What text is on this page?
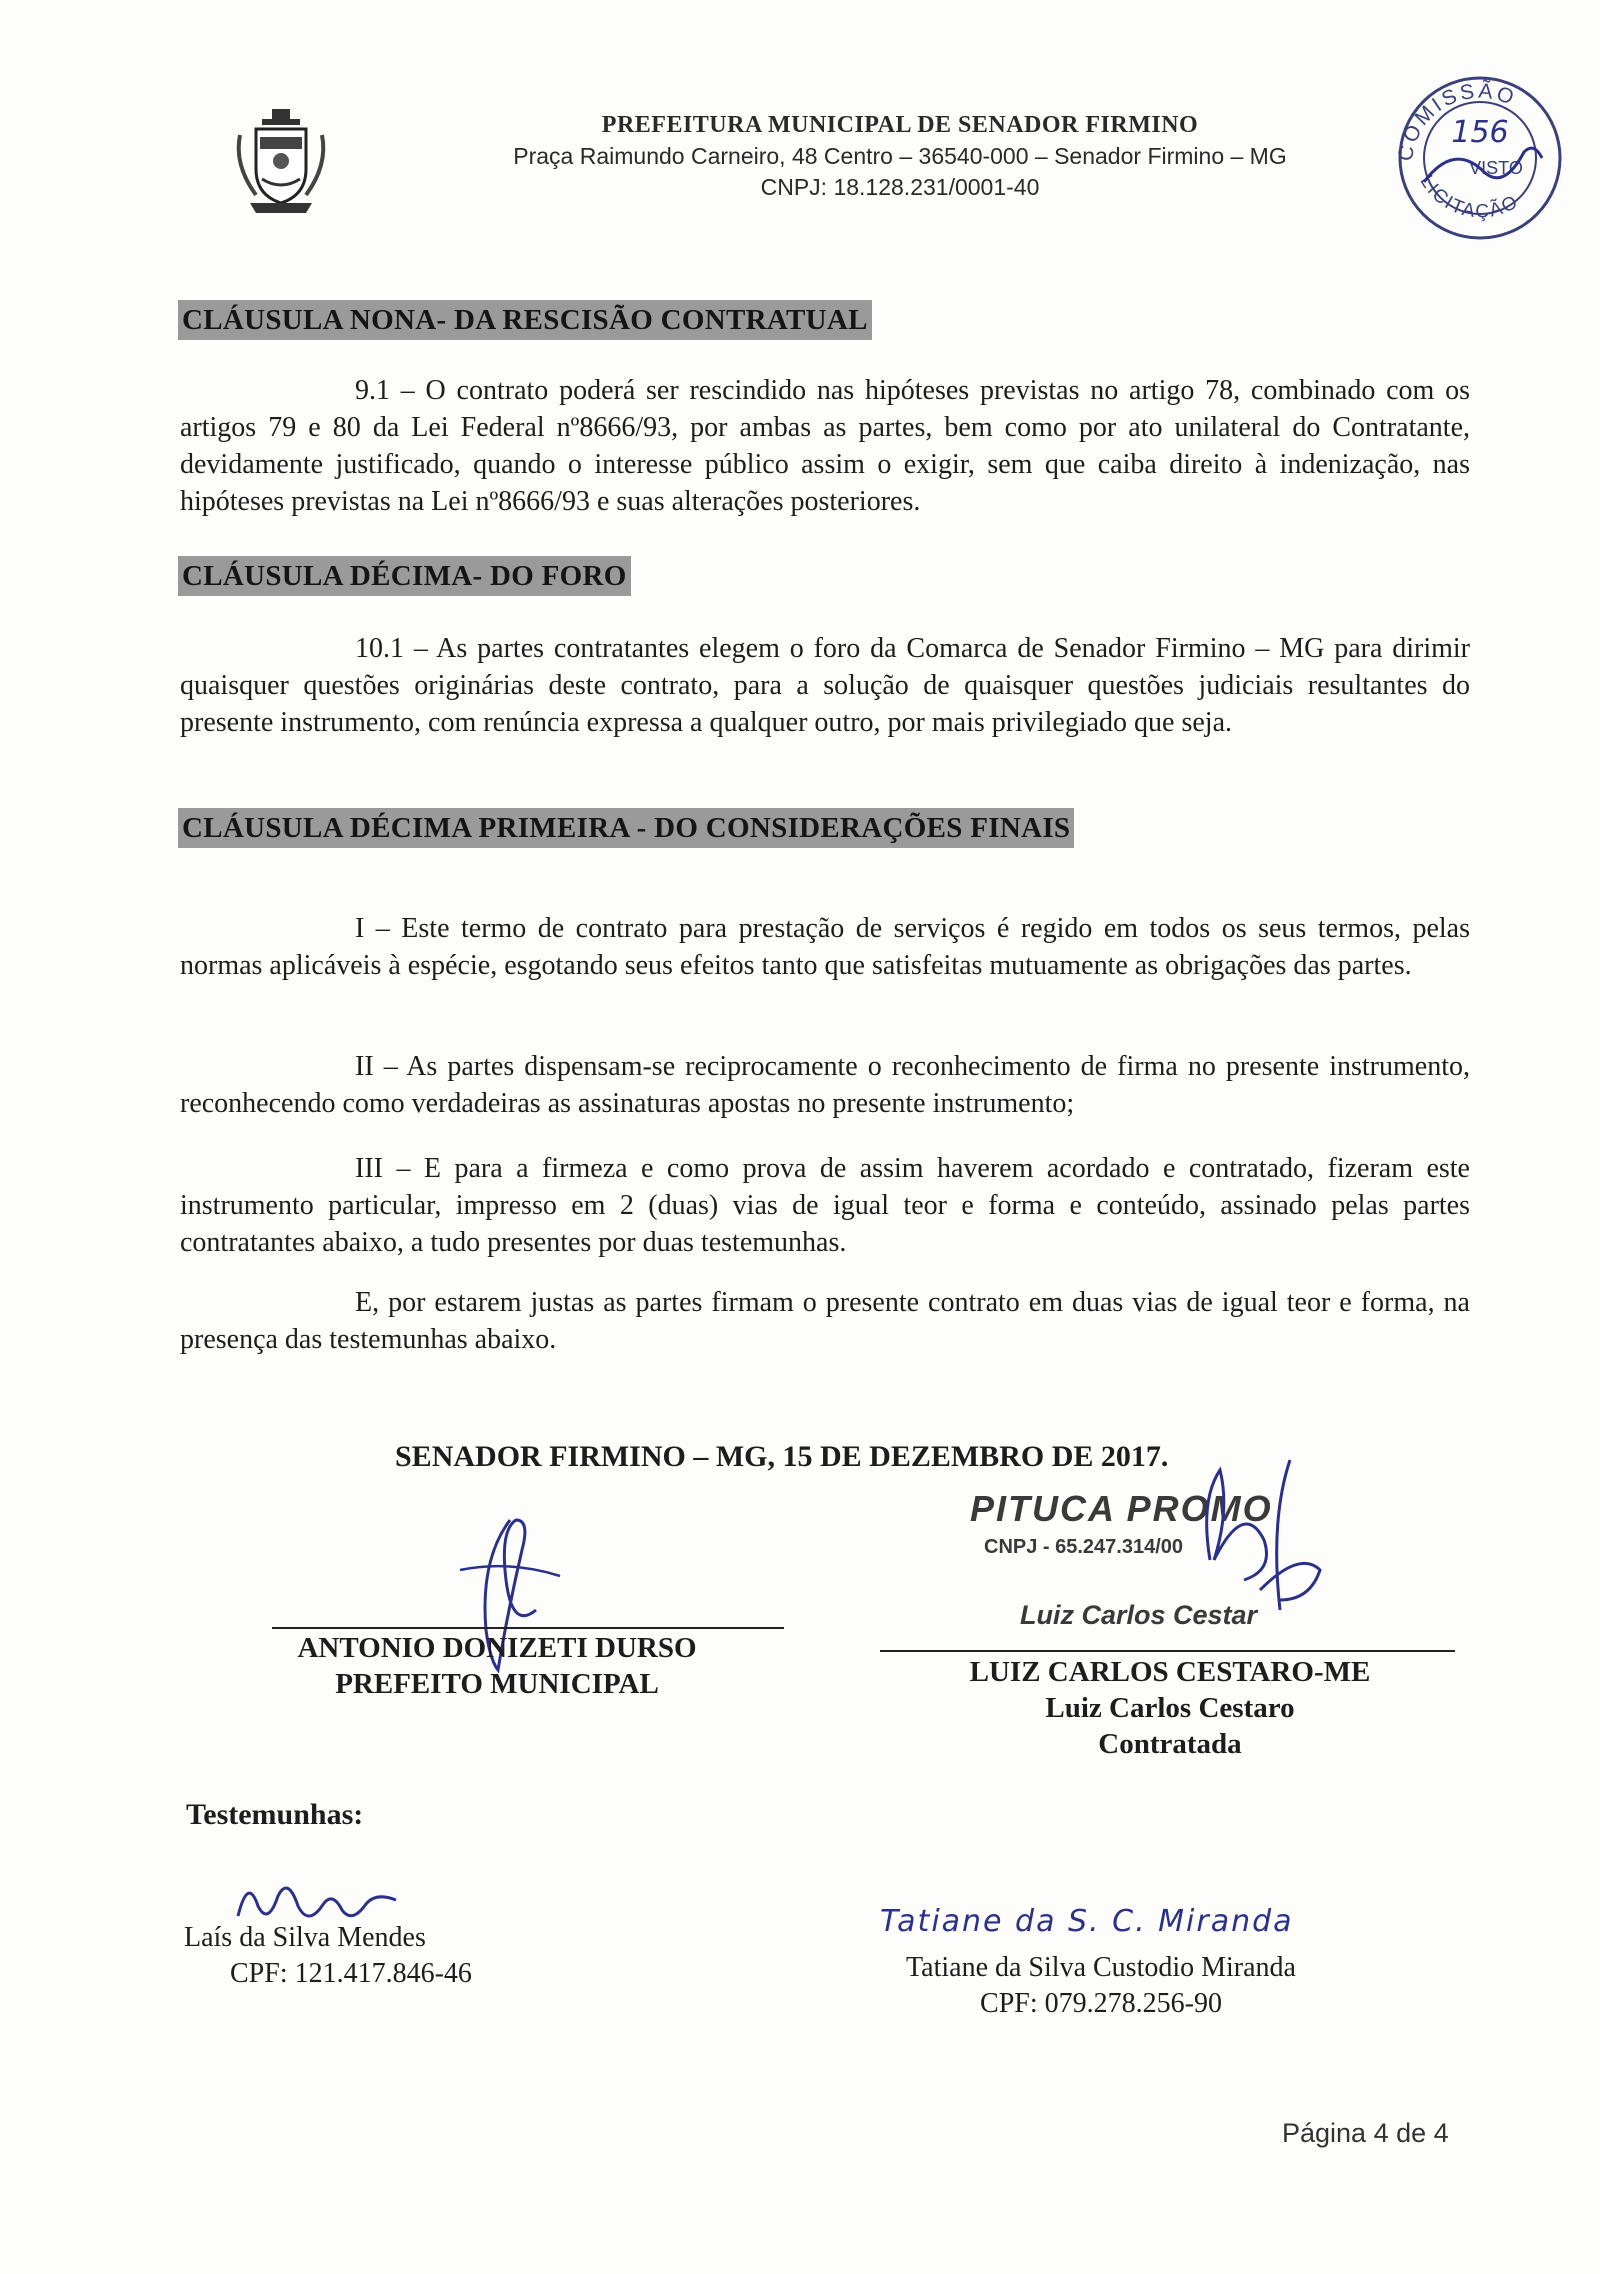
PREFEITURA MUNICIPAL DE SENADOR FIRMINO
Praça Raimundo Carneiro, 48 Centro – 36540-000 – Senador Firmino – MG
CNPJ: 18.128.231/0001-40
COMISSÃO
LICITAÇÃO
156
VISTO
CLÁUSULA NONA- DA RESCISÃO CONTRATUAL
9.1 – O contrato poderá ser rescindido nas hipóteses previstas no artigo 78, combinado com os artigos 79 e 80 da Lei Federal nº8666/93, por ambas as partes, bem como por ato unilateral do Contratante, devidamente justificado, quando o interesse público assim o exigir, sem que caiba direito à indenização, nas hipóteses previstas na Lei nº8666/93 e suas alterações posteriores.
CLÁUSULA DÉCIMA- DO FORO
10.1 – As partes contratantes elegem o foro da Comarca de Senador Firmino – MG para dirimir quaisquer questões originárias deste contrato, para a solução de quaisquer questões judiciais resultantes do presente instrumento, com renúncia expressa a qualquer outro, por mais privilegiado que seja.
CLÁUSULA DÉCIMA PRIMEIRA - DO CONSIDERAÇÕES FINAIS
I – Este termo de contrato para prestação de serviços é regido em todos os seus termos, pelas normas aplicáveis à espécie, esgotando seus efeitos tanto que satisfeitas mutuamente as obrigações das partes.
II – As partes dispensam-se reciprocamente o reconhecimento de firma no presente instrumento, reconhecendo como verdadeiras as assinaturas apostas no presente instrumento;
III – E para a firmeza e como prova de assim haverem acordado e contratado, fizeram este instrumento particular, impresso em 2 (duas) vias de igual teor e forma e conteúdo, assinado pelas partes contratantes abaixo, a tudo presentes por duas testemunhas.
E, por estarem justas as partes firmam o presente contrato em duas vias de igual teor e forma, na presença das testemunhas abaixo.
SENADOR FIRMINO – MG, 15 DE DEZEMBRO DE 2017.
PITUCA PROMO
CNPJ - 65.247.314/00
Luiz Carlos Cestar
ANTONIO DONIZETI DURSO
PREFEITO MUNICIPAL	LUIZ CARLOS CESTARO-ME
Luiz Carlos Cestaro
Contratada
Testemunhas:
Laís da Silva Mendes
CPF: 121.417.846-46
Tatiane da S. C. Miranda
Tatiane da Silva Custodio Miranda
CPF: 079.278.256-90
Página 4 de 4
